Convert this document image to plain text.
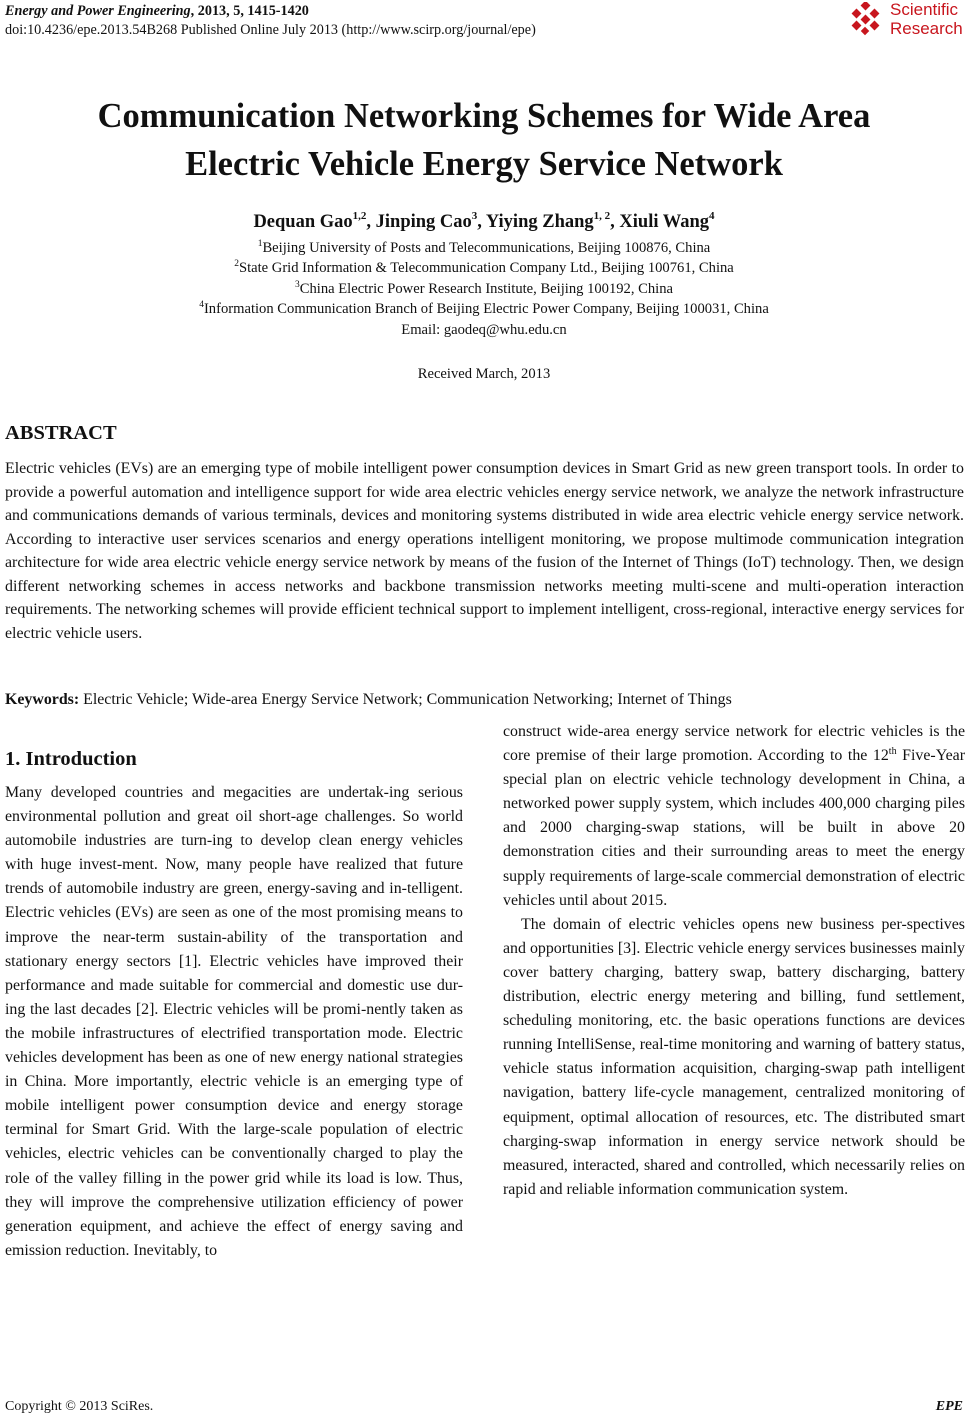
Energy and Power Engineering, 2013, 5, 1415-1420
doi:10.4236/epe.2013.54B268 Published Online July 2013 (http://www.scirp.org/journal/epe)
Scientific
Research
Communication Networking Schemes for Wide Area
Electric Vehicle Energy Service Network
Dequan Gao$^{1,2}$, Jinping Cao$^3$, Yiying Zhang$^{1, 2}$, Xiuli Wang$^4$
$^1$Beijing University of Posts and Telecommunications, Beijing 100876, China
$^2$State Grid Information & Telecommunication Company Ltd., Beijing 100761, China
$^3$China Electric Power Research Institute, Beijing 100192, China
$^4$Information Communication Branch of Beijing Electric Power Company, Beijing 100031, China
Email: gaodeq@whu.edu.cn
Received March, 2013
ABSTRACT

Electric vehicles (EVs) are an emerging type of mobile intelligent power consumption devices in Smart Grid as new green transport tools. In order to provide a powerful automation and intelligence support for wide area electric vehicles energy service network, we analyze the network infrastructure and communications demands of various terminals, devices and monitoring systems distributed in wide area electric vehicle energy service network. According to interactive user services scenarios and energy operations intelligent monitoring, we propose multimode communication integration architecture for wide area electric vehicle energy service network by means of the fusion of the Internet of Things (IoT) technology. Then, we design different networking schemes in access networks and backbone transmission networks meeting multi-scene and multi-operation interaction requirements. The networking schemes will provide efficient technical support to implement intelligent, cross-regional, interactive energy services for electric vehicle users.

Keywords: Electric Vehicle; Wide-area Energy Service Network; Communication Networking; Internet of Things
1. Introduction

Many developed countries and megacities are undertak-ing serious environmental pollution and great oil short-age challenges. So world automobile industries are turn-ing to develop clean energy vehicles with huge invest-ment. Now, many people have realized that future trends of automobile industry are green, energy-saving and in-telligent. Electric vehicles (EVs) are seen as one of the most promising means to improve the near-term sustain-ability of the transportation and stationary energy sectors [1]. Electric vehicles have improved their performance and made suitable for commercial and domestic use dur-ing the last decades [2]. Electric vehicles will be promi-nently taken as the mobile infrastructures of electrified transportation mode. Electric vehicles development has been as one of new energy national strategies in China. More importantly, electric vehicle is an emerging type of mobile intelligent power consumption device and energy storage terminal for Smart Grid. With the large-scale population of electric vehicles, electric vehicles can be conventionally charged to play the role of the valley filling in the power grid while its load is low. Thus, they will improve the comprehensive utilization efficiency of power generation equipment, and achieve the effect of energy saving and emission reduction. Inevitably, to

construct wide-area energy service network for electric vehicles is the core premise of their large promotion. According to the 12th Five-Year special plan on electric vehicle technology development in China, a networked power supply system, which includes 400,000 charging piles and 2000 charging-swap stations, will be built in above 20 demonstration cities and their surrounding areas to meet the energy supply requirements of large-scale commercial demonstration of electric vehicles until about 2015.

The domain of electric vehicles opens new business per-spectives and opportunities [3]. Electric vehicle energy services businesses mainly cover battery charging, battery swap, battery discharging, battery distribution, electric energy metering and billing, fund settlement, scheduling monitoring, etc. the basic operations functions are devices running IntelliSense, real-time monitoring and warning of battery status, vehicle status information acquisition, charging-swap path intelligent navigation, battery life-cycle management, centralized monitoring of equipment, optimal allocation of resources, etc. The distributed smart charging-swap information in energy service network should be measured, interacted, shared and controlled, which necessarily relies on rapid and reliable information communication system.

Copyright © 2013 SciRes.	EPE
